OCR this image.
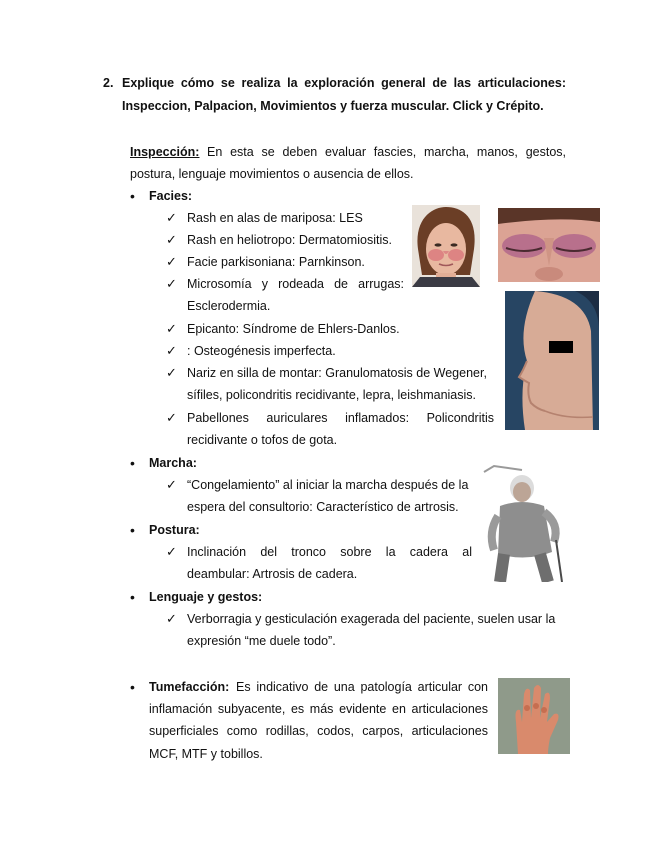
2. Explique cómo se realiza la exploración general de las articulaciones:
Inspeccion, Palpacion, Movimientos y fuerza muscular. Click y Crépito.
Inspección: En esta se deben evaluar fascies, marcha, manos, gestos,
postura, lenguaje movimientos o ausencia de ellos.
• Facies:
✓ Rash en alas de mariposa: LES
✓ Rash en heliotropo: Dermatomiositis.
✓ Facie parkisoniana: Parnkinson.
✓ Microsomía y rodeada de arrugas:
Esclerodermia.
✓ Epicanto: Síndrome de Ehlers-Danlos.
✓ : Osteogénesis imperfecta.
✓ Nariz en silla de montar: Granulomatosis de Wegener,
sífiles, policondritis recidivante, lepra, leishmaniasis.
✓ Pabellones auriculares inflamados: Policondritis
recidivante o tofos de gota.
• Marcha:
✓ “Congelamiento” al iniciar la marcha después de la
espera del consultorio: Característico de artrosis.
• Postura:
✓ Inclinación del tronco sobre la cadera al
deambular: Artrosis de cadera.
• Lenguaje y gestos:
✓ Verborragia y gesticulación exagerada del paciente, suelen usar la
expresión “me duele todo”.
• Tumefacción: Es indicativo de una patología articular con
inflamación subyacente, es más evidente en articulaciones
superficiales como rodillas, codos, carpos, articulaciones
MCF, MTF y tobillos.
